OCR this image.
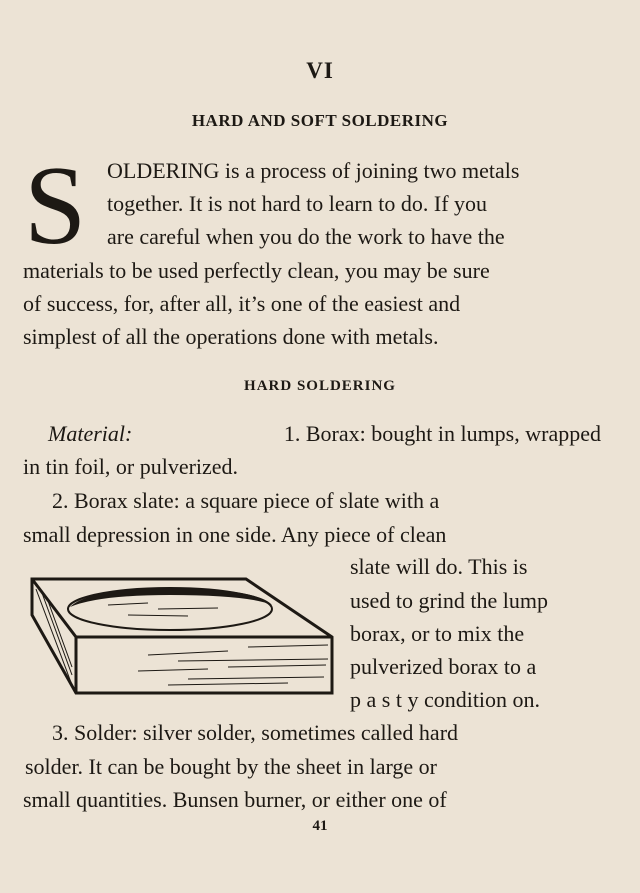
VI
HARD AND SOFT SOLDERING
S OLDERING is a process of joining two metals
together. It is not hard to learn to do. If you
are careful when you do the work to have the
materials to be used perfectly clean, you may be sure
of success, for, after all, it’s one of the easiest and
simplest of all the operations done with metals.
HARD SOLDERING
Material:	1. Borax: bought in lumps, wrapped
in tin foil, or pulverized.
2. Borax slate: a square piece of slate with a
small depression in one side. Any piece of clean
slate will do. This is
used to grind the lump
borax, or to mix the
pulverized borax to a
p a s t y condition on.
3. Solder: silver solder, sometimes called hard
solder. It can be bought by the sheet in large or
small quantities. Bunsen burner, or either one of
41
